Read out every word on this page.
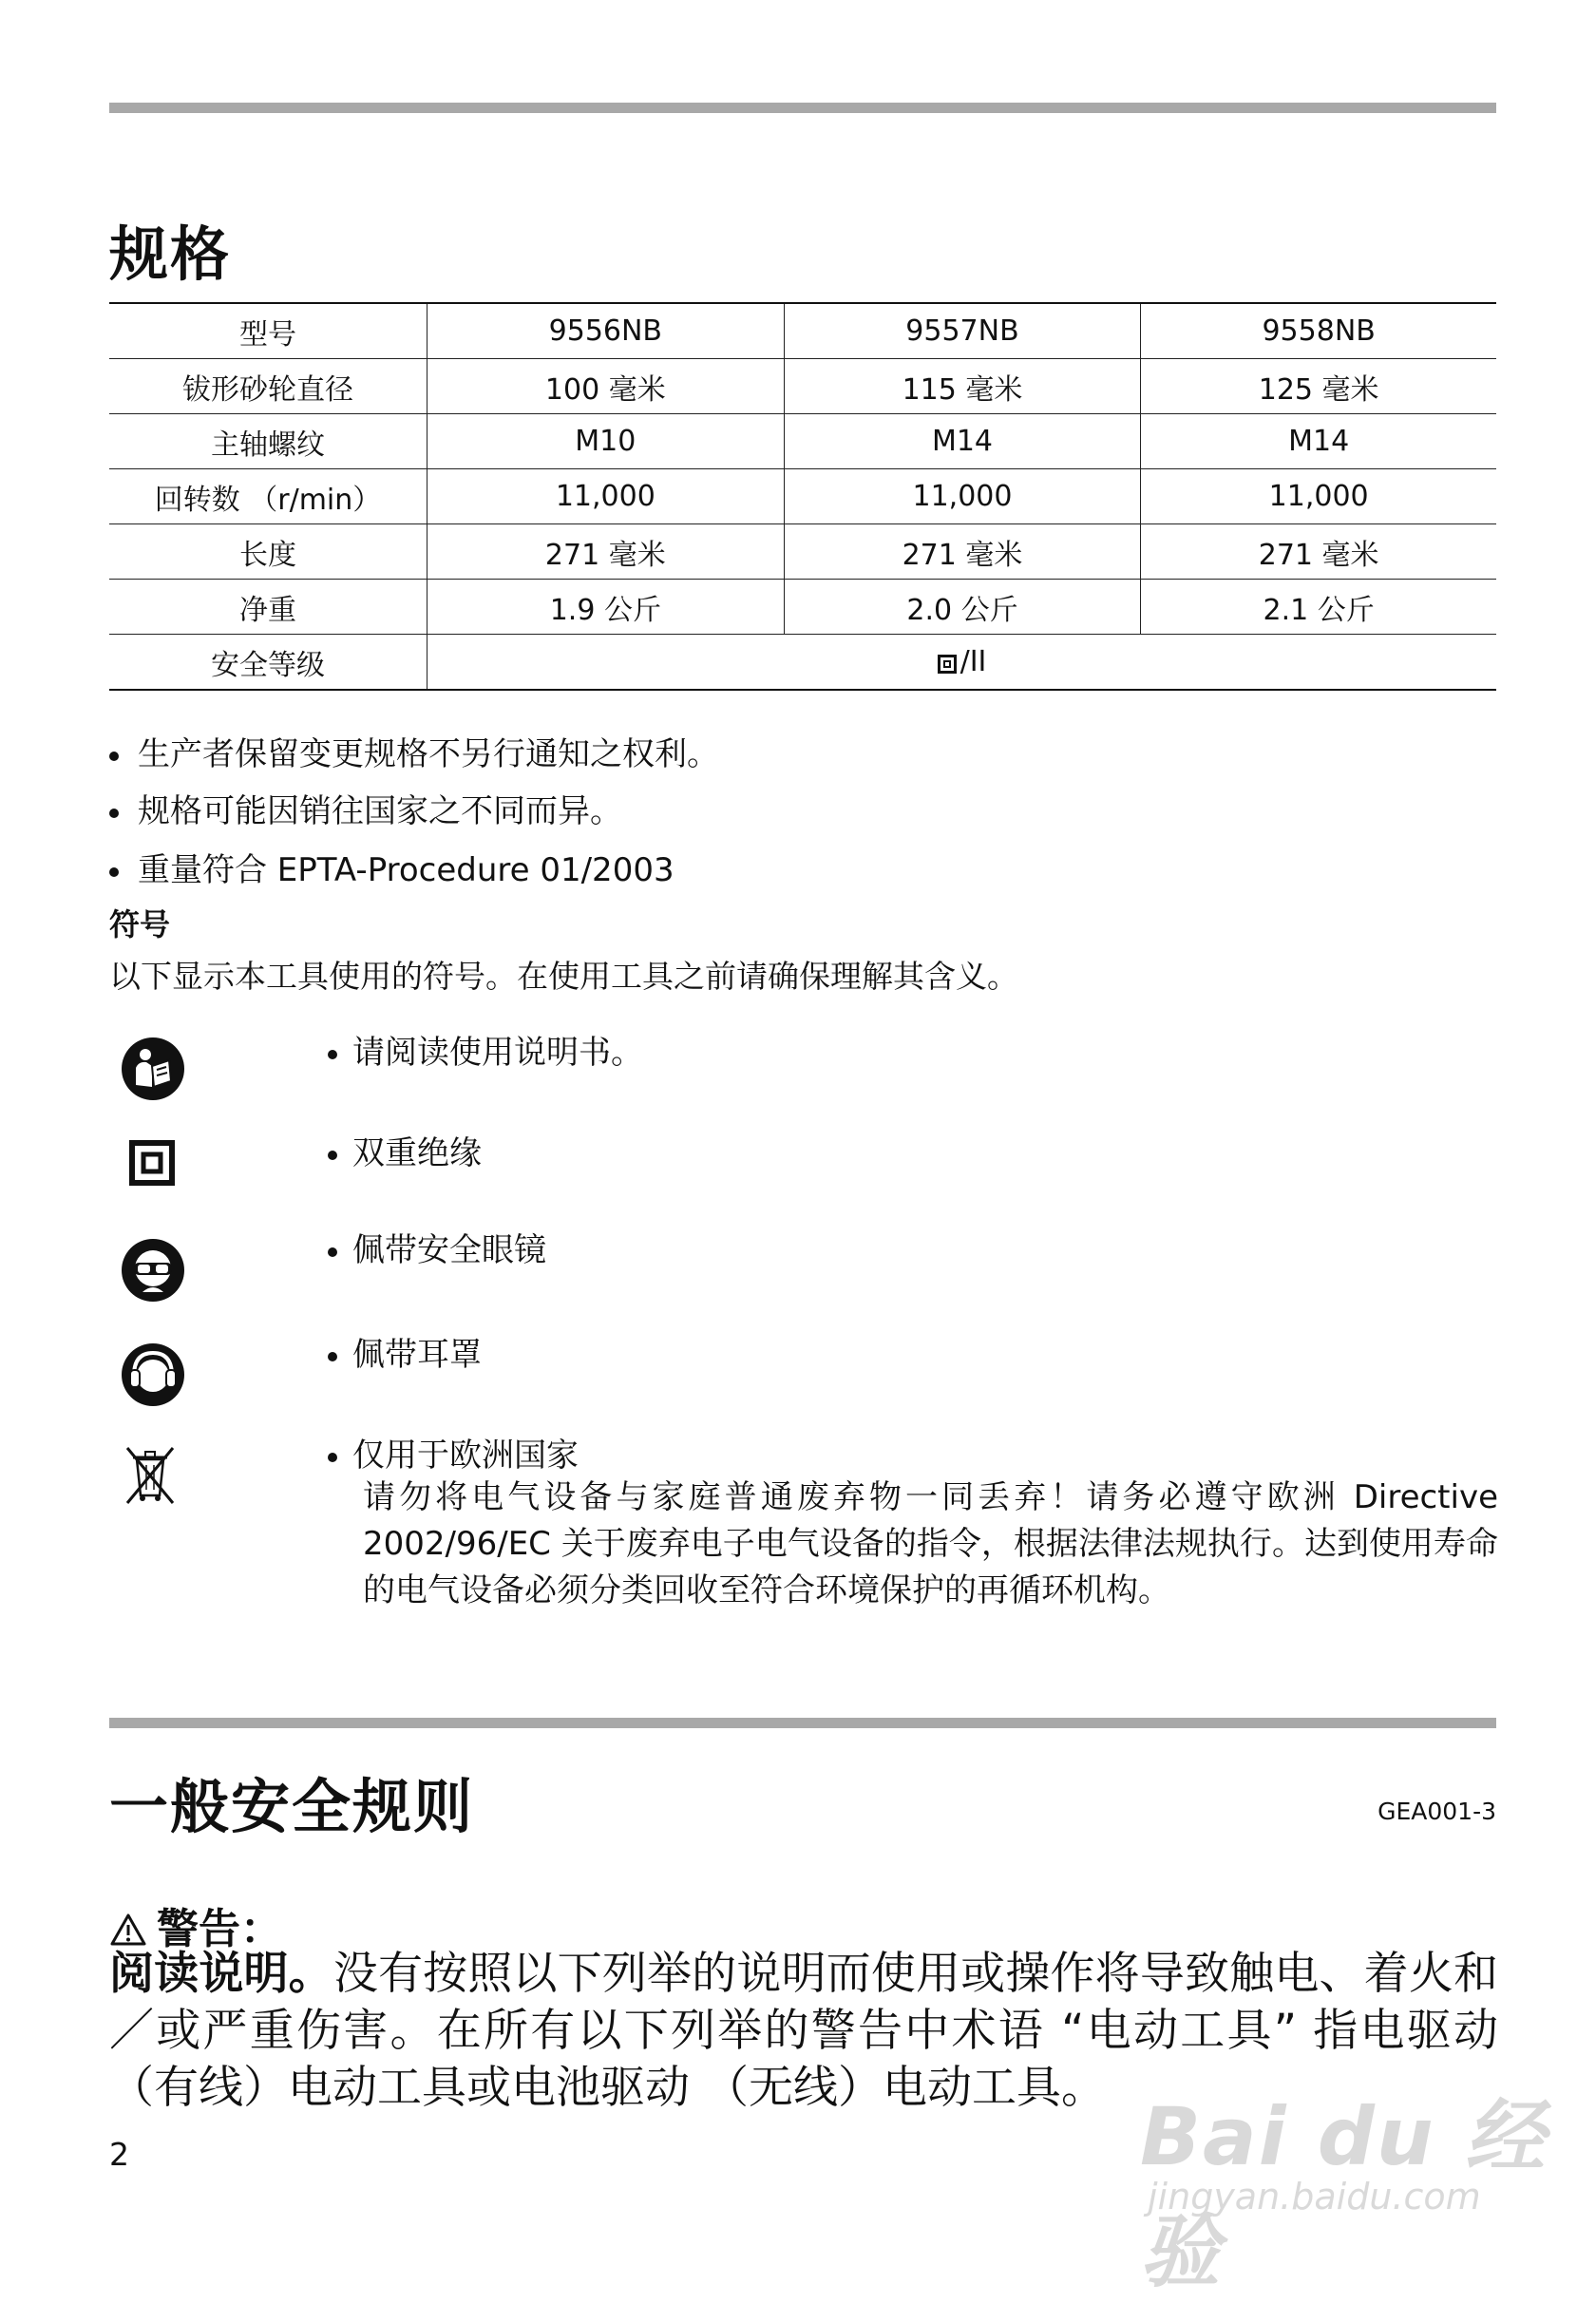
规格
型号	9556NB	9557NB	9558NB
钹形砂轮直径	100 毫米	115 毫米	125 毫米
主轴螺纹	M10	M14	M14
回转数 （r/min）	11,000	11,000	11,000
长度	271 毫米	271 毫米	271 毫米
净重	1.9 公斤	2.0 公斤	2.1 公斤
安全等级	/II		
生产者保留变更规格不另行通知之权利。
规格可能因销往国家之不同而异。
重量符合 EPTA-Procedure 01/2003
符号
以下显示本工具使用的符号。在使用工具之前请确保理解其含义。
请阅读使用说明书。
双重绝缘
佩带安全眼镜
佩带耳罩
仅用于欧洲国家
请勿将电气设备与家庭普通废弃物一同丢弃！请务必遵守欧洲 Directive 2002/96/EC 关于废弃电子电气设备的指令，根据法律法规执行。达到使用寿命的电气设备必须分类回收至符合环境保护的再循环机构。
一般安全规则	GEA001-3
警告：
阅读说明。没有按照以下列举的说明而使用或操作将导致触电、着火和／或严重伤害。在所有以下列举的警告中术语 “电动工具” 指电驱动 （有线）电动工具或电池驱动 （无线）电动工具。
2	Bai du 经验
jingyan.baidu.com
